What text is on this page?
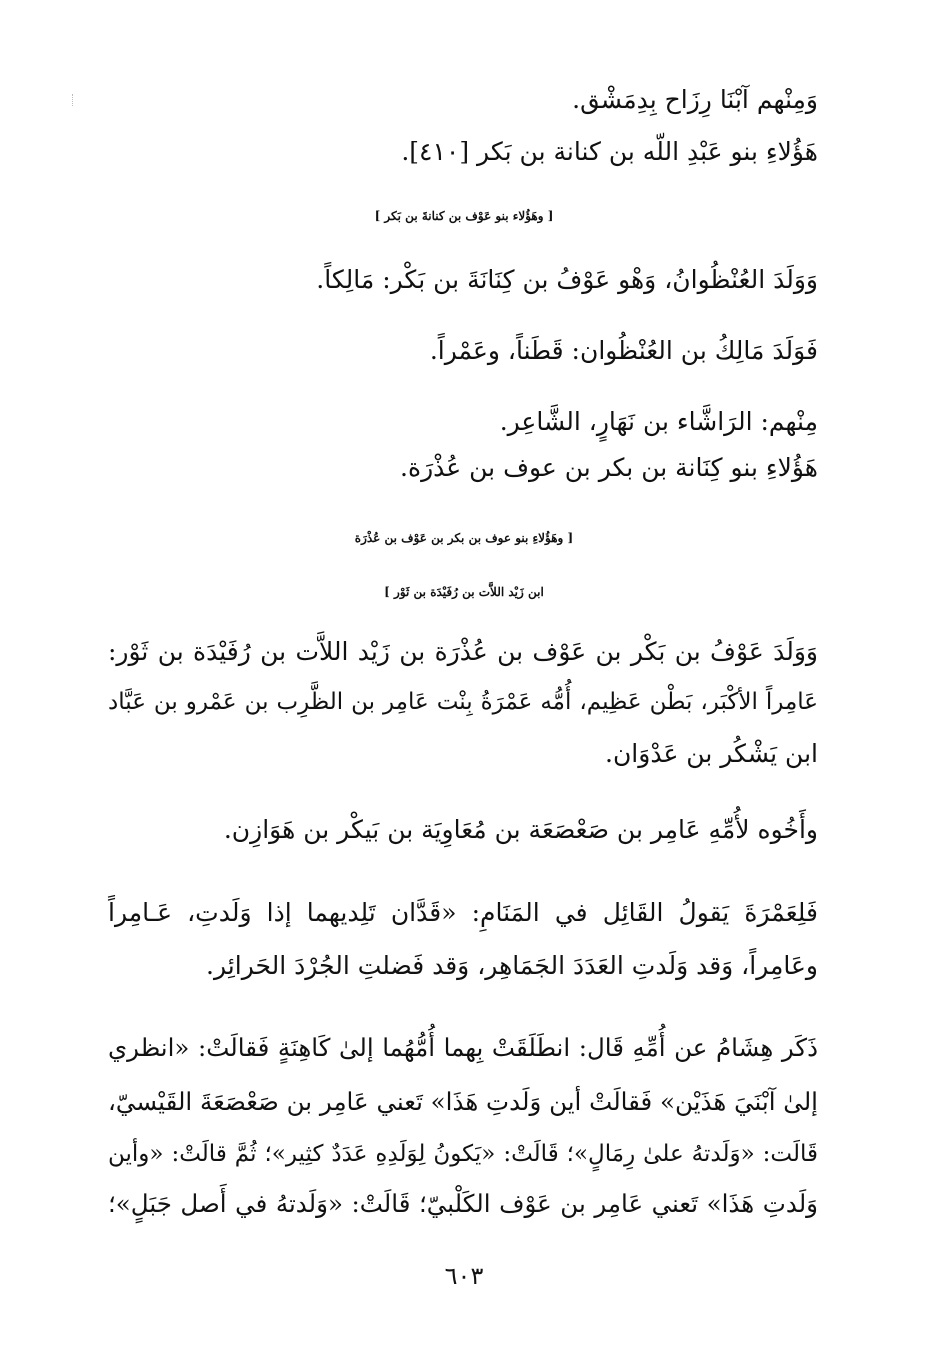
وَمِنْهم آبْنَا رِزَاح بِدِمَشْق.
هَؤُلاءِ بنو عَبْدِ اللّه بن كنانة بن بَكر [٤١٠].
[ وهَؤُلاء بنو عَوْف بن كنانةَ بن بَكر ]
وَوَلَدَ العُنْظُوانُ، وَهْو عَوْفُ بن كِنَانَةَ بن بَكْر: مَالِكاً.
فَوَلَدَ مَالِكُ بن العُنْظُوان: قَطَناً، وعَمْراً.
مِنْهم: الرَاشَّاء بن نَهَارٍ، الشَّاعِر.
هَؤُلاءِ بنو كِنَانة بن بكر بن عوف بن عُذْرَة.
[ وهَؤُلاءِ بنو عوف بن بكر بن عَوْف بن عُذْرَة
ابن زَيْد اللاَّت بن رُفَيْدَة بن ثَوْر ]
وَوَلَدَ عَوْفُ بن بَكْر بن عَوْف بن عُذْرَة بن زَيْد اللاَّت بن رُفَيْدَة بن ثَوْر:
عَامِراً الأكْبَر، بَطْن عَظِيم، أُمُّه عَمْرَةُ بِنْت عَامِر بن الظَّرِب بن عَمْرو بن عَبَّاد
ابن يَشْكُر بن عَدْوَان.
وأَخُوه لأُمِّهِ عَامِر بن صَعْصَعَة بن مُعَاوِيَة بن بَيكْر بن هَوَازِن.
فَلِعَمْرَةَ يَقولُ القَائِل في المَنَامِ: «قَدَّان تَلِديهما إذا وَلَدتِ، عَـامِراً
وعَامِراً، وَقد وَلَدتِ العَدَدَ الجَمَاهِر، وَقد فَضلتِ الجُرْدَ الحَرائِر.
ذَكَر هِشَامُ عن أُمِّهِ قَال: انطَلَقَتْ بِهما أُمُّهُما إلىٰ كَاهِنَةٍ فَقالَتْ: «انظري
إلىٰ آبْنَيَ هَذَيْن» فَقالَتْ أين وَلَدتِ هَذَا» تَعني عَامِر بن صَعْصَعَةَ القَيْسيّ،
قَالَت: «وَلَدتهُ علىٰ رِمَالٍ»؛ قَالَتْ: «يَكونُ لِوَلَدِهِ عَدَدٌ كثِير»؛ ثُمَّ قالَتْ: «وأين
وَلَدتِ هَذَا» تَعني عَامِر بن عَوْف الكَلْبيّ؛ قَالَتْ: «وَلَدتهُ في أَصل جَبَلٍ»؛
٦٠٣
